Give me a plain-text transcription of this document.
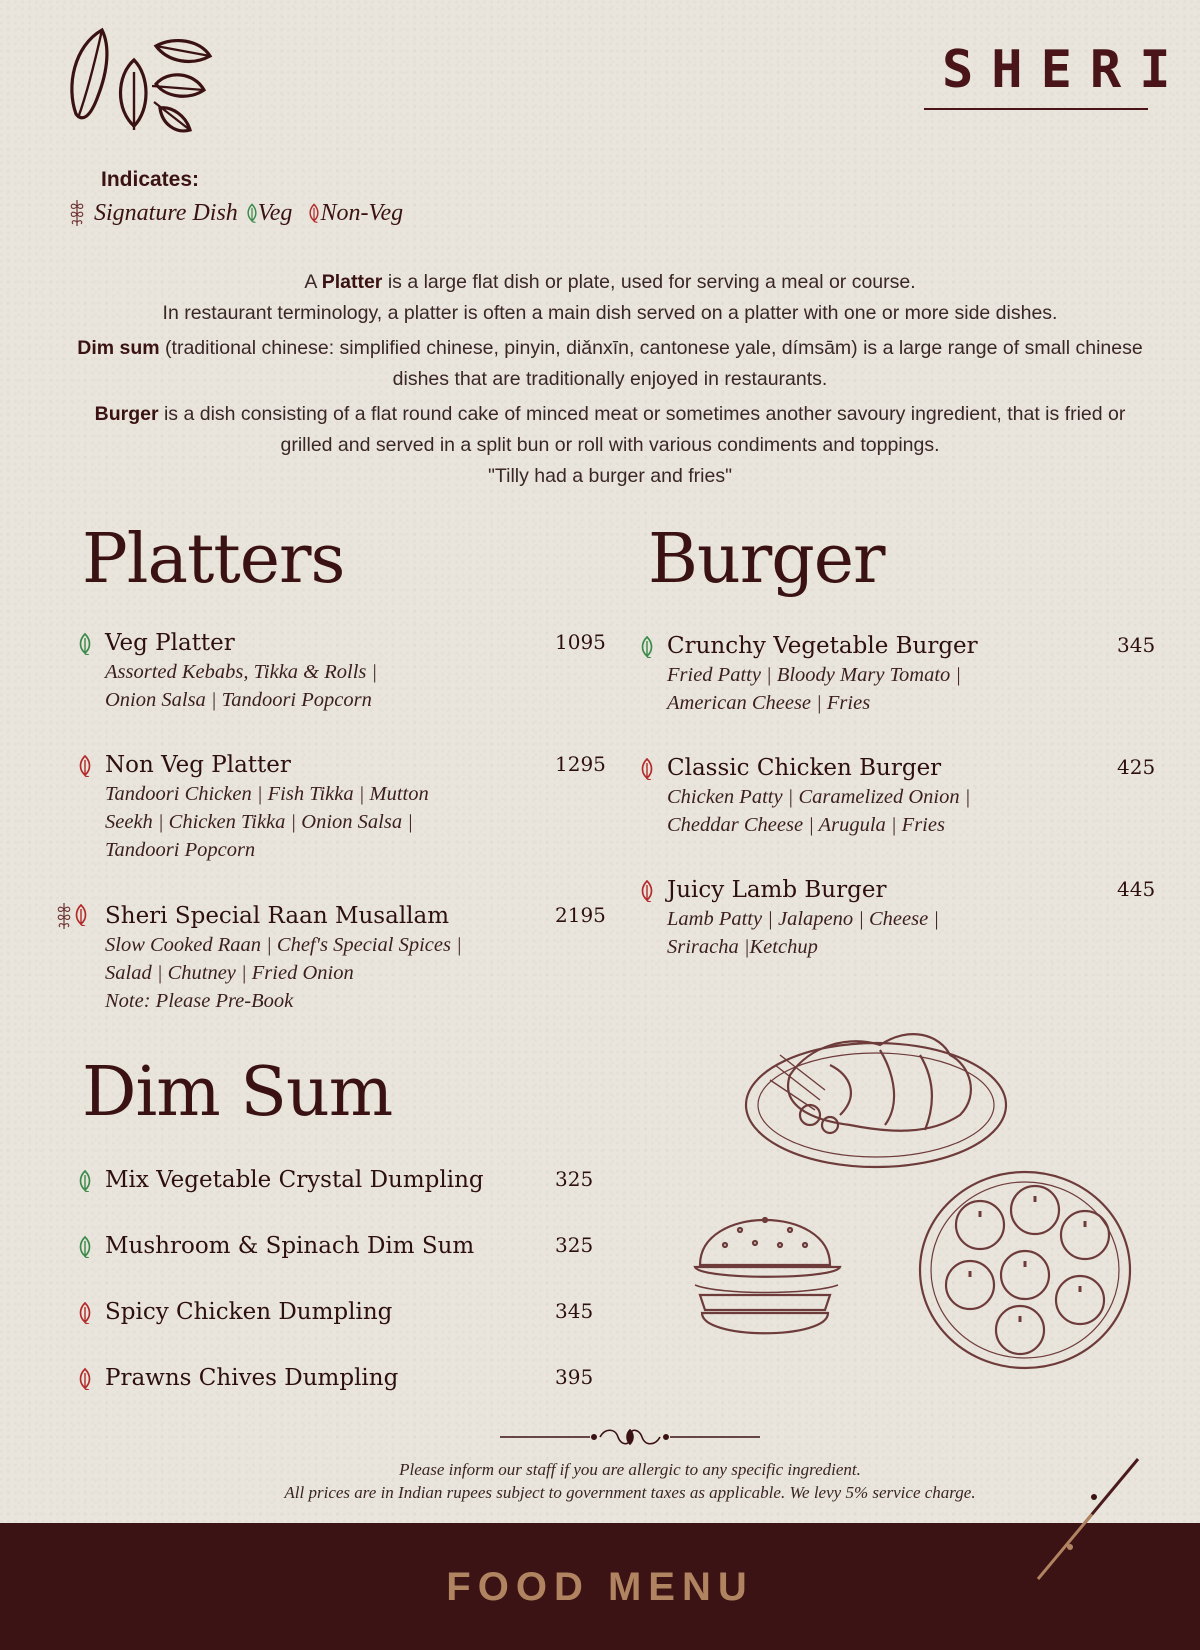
SHERI
Indicates:
Signature Dish Veg Non-Veg

A Platter is a large flat dish or plate, used for serving a meal or course.
In restaurant terminology, a platter is often a main dish served on a platter with one or more side dishes.

Dim sum (traditional chinese: simplified chinese, pinyin, diǎnxīn, cantonese yale, dímsām) is a large range of small chinese dishes that are traditionally enjoyed in restaurants.

Burger is a dish consisting of a flat round cake of minced meat or sometimes another savoury ingredient, that is fried or grilled and served in a split bun or roll with various condiments and toppings.
"Tilly had a burger and fries"

Platters
Veg Platter	1095
Assorted Kebabs, Tikka & Rolls |
Onion Salsa | Tandoori Popcorn
Non Veg Platter	1295
Tandoori Chicken | Fish Tikka | Mutton
Seekh | Chicken Tikka | Onion Salsa |
Tandoori Popcorn
Sheri Special Raan Musallam	2195
Slow Cooked Raan | Chef's Special Spices |
Salad | Chutney | Fried Onion
Note: Please Pre-Book
Burger
Crunchy Vegetable Burger	345
Fried Patty | Bloody Mary Tomato |
American Cheese | Fries
Classic Chicken Burger	425
Chicken Patty | Caramelized Onion |
Cheddar Cheese | Arugula | Fries
Juicy Lamb Burger	445
Lamb Patty | Jalapeno | Cheese |
Sriracha |Ketchup
Dim Sum
Mix Vegetable Crystal Dumpling	325
Mushroom & Spinach Dim Sum	325
Spicy Chicken Dumpling	345
Prawns Chives Dumpling	395
Please inform our staff if you are allergic to any specific ingredient.
All prices are in Indian rupees subject to government taxes as applicable. We levy 5% service charge.
FOOD MENU
